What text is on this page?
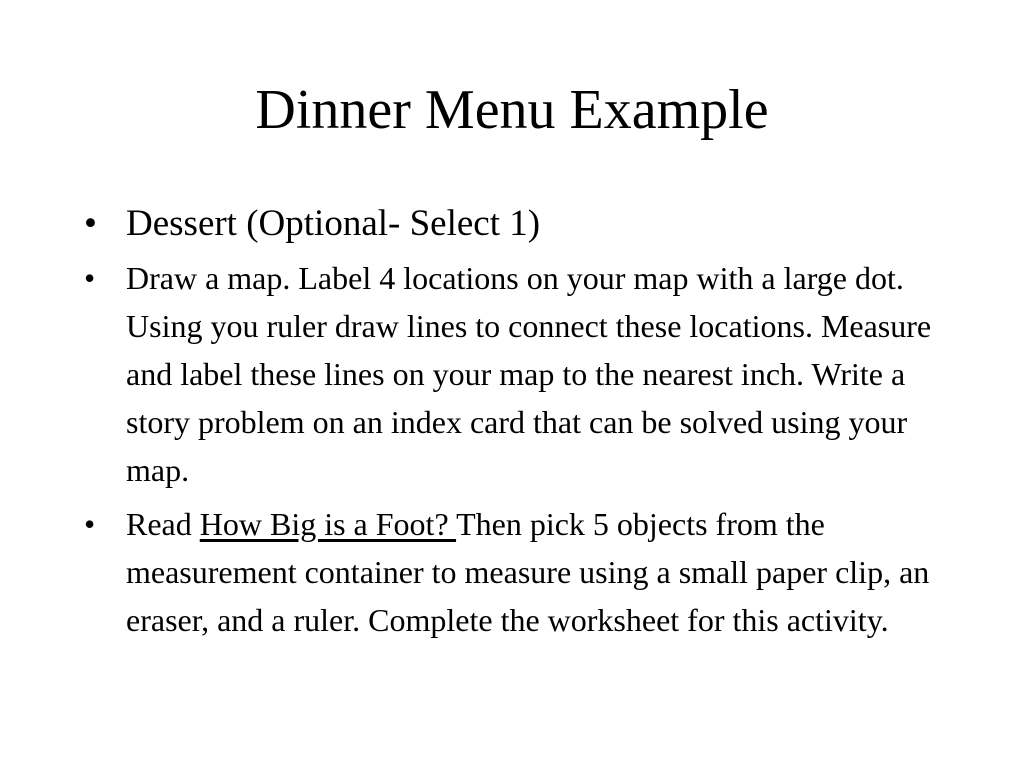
Dinner Menu Example
• Dessert (Optional- Select 1)
• Draw a map. Label 4 locations on your map with a large dot. Using you ruler draw lines to connect these locations. Measure and label these lines on your map to the nearest inch. Write a story problem on an index card that can be solved using your map.
• Read How Big is a Foot? Then pick 5 objects from the measurement container to measure using a small paper clip, an eraser, and a ruler. Complete the worksheet for this activity.
